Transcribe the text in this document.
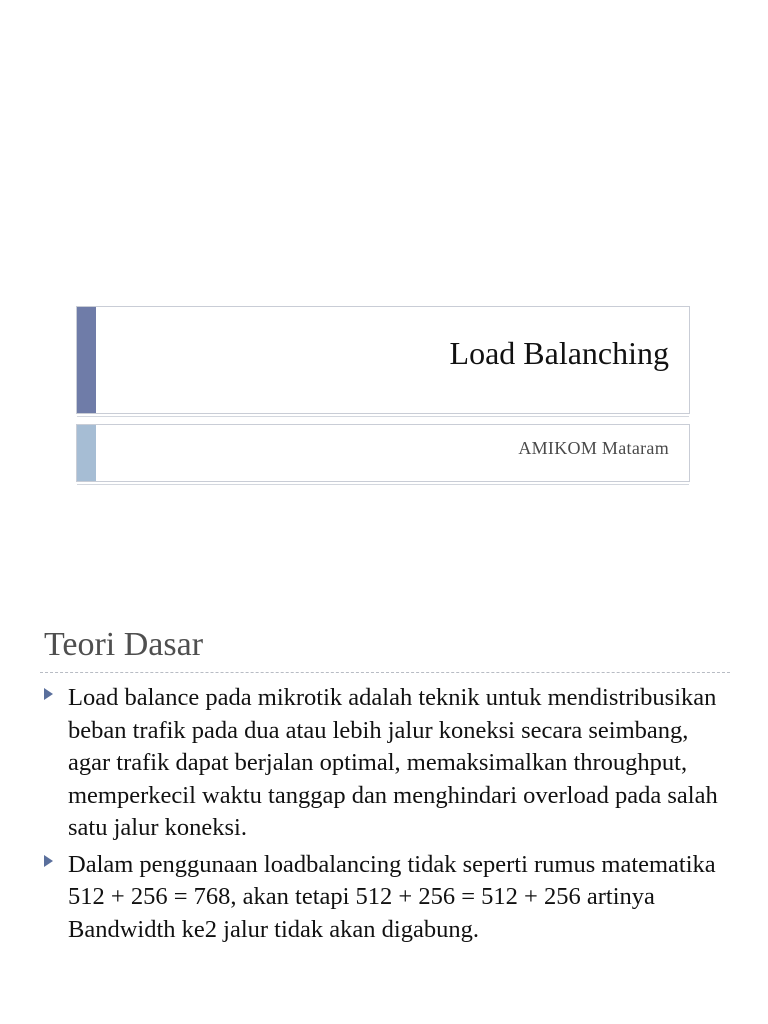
Load Balanching
AMIKOM Mataram
Teori Dasar
Load balance pada mikrotik adalah teknik untuk mendistribusikan beban trafik pada dua atau lebih jalur koneksi secara seimbang, agar trafik dapat berjalan optimal, memaksimalkan throughput, memperkecil waktu tanggap dan menghindari overload pada salah satu jalur koneksi.
Dalam penggunaan loadbalancing tidak seperti rumus matematika 512 + 256 = 768, akan tetapi 512 + 256 = 512 + 256 artinya Bandwidth ke2 jalur tidak akan digabung.
